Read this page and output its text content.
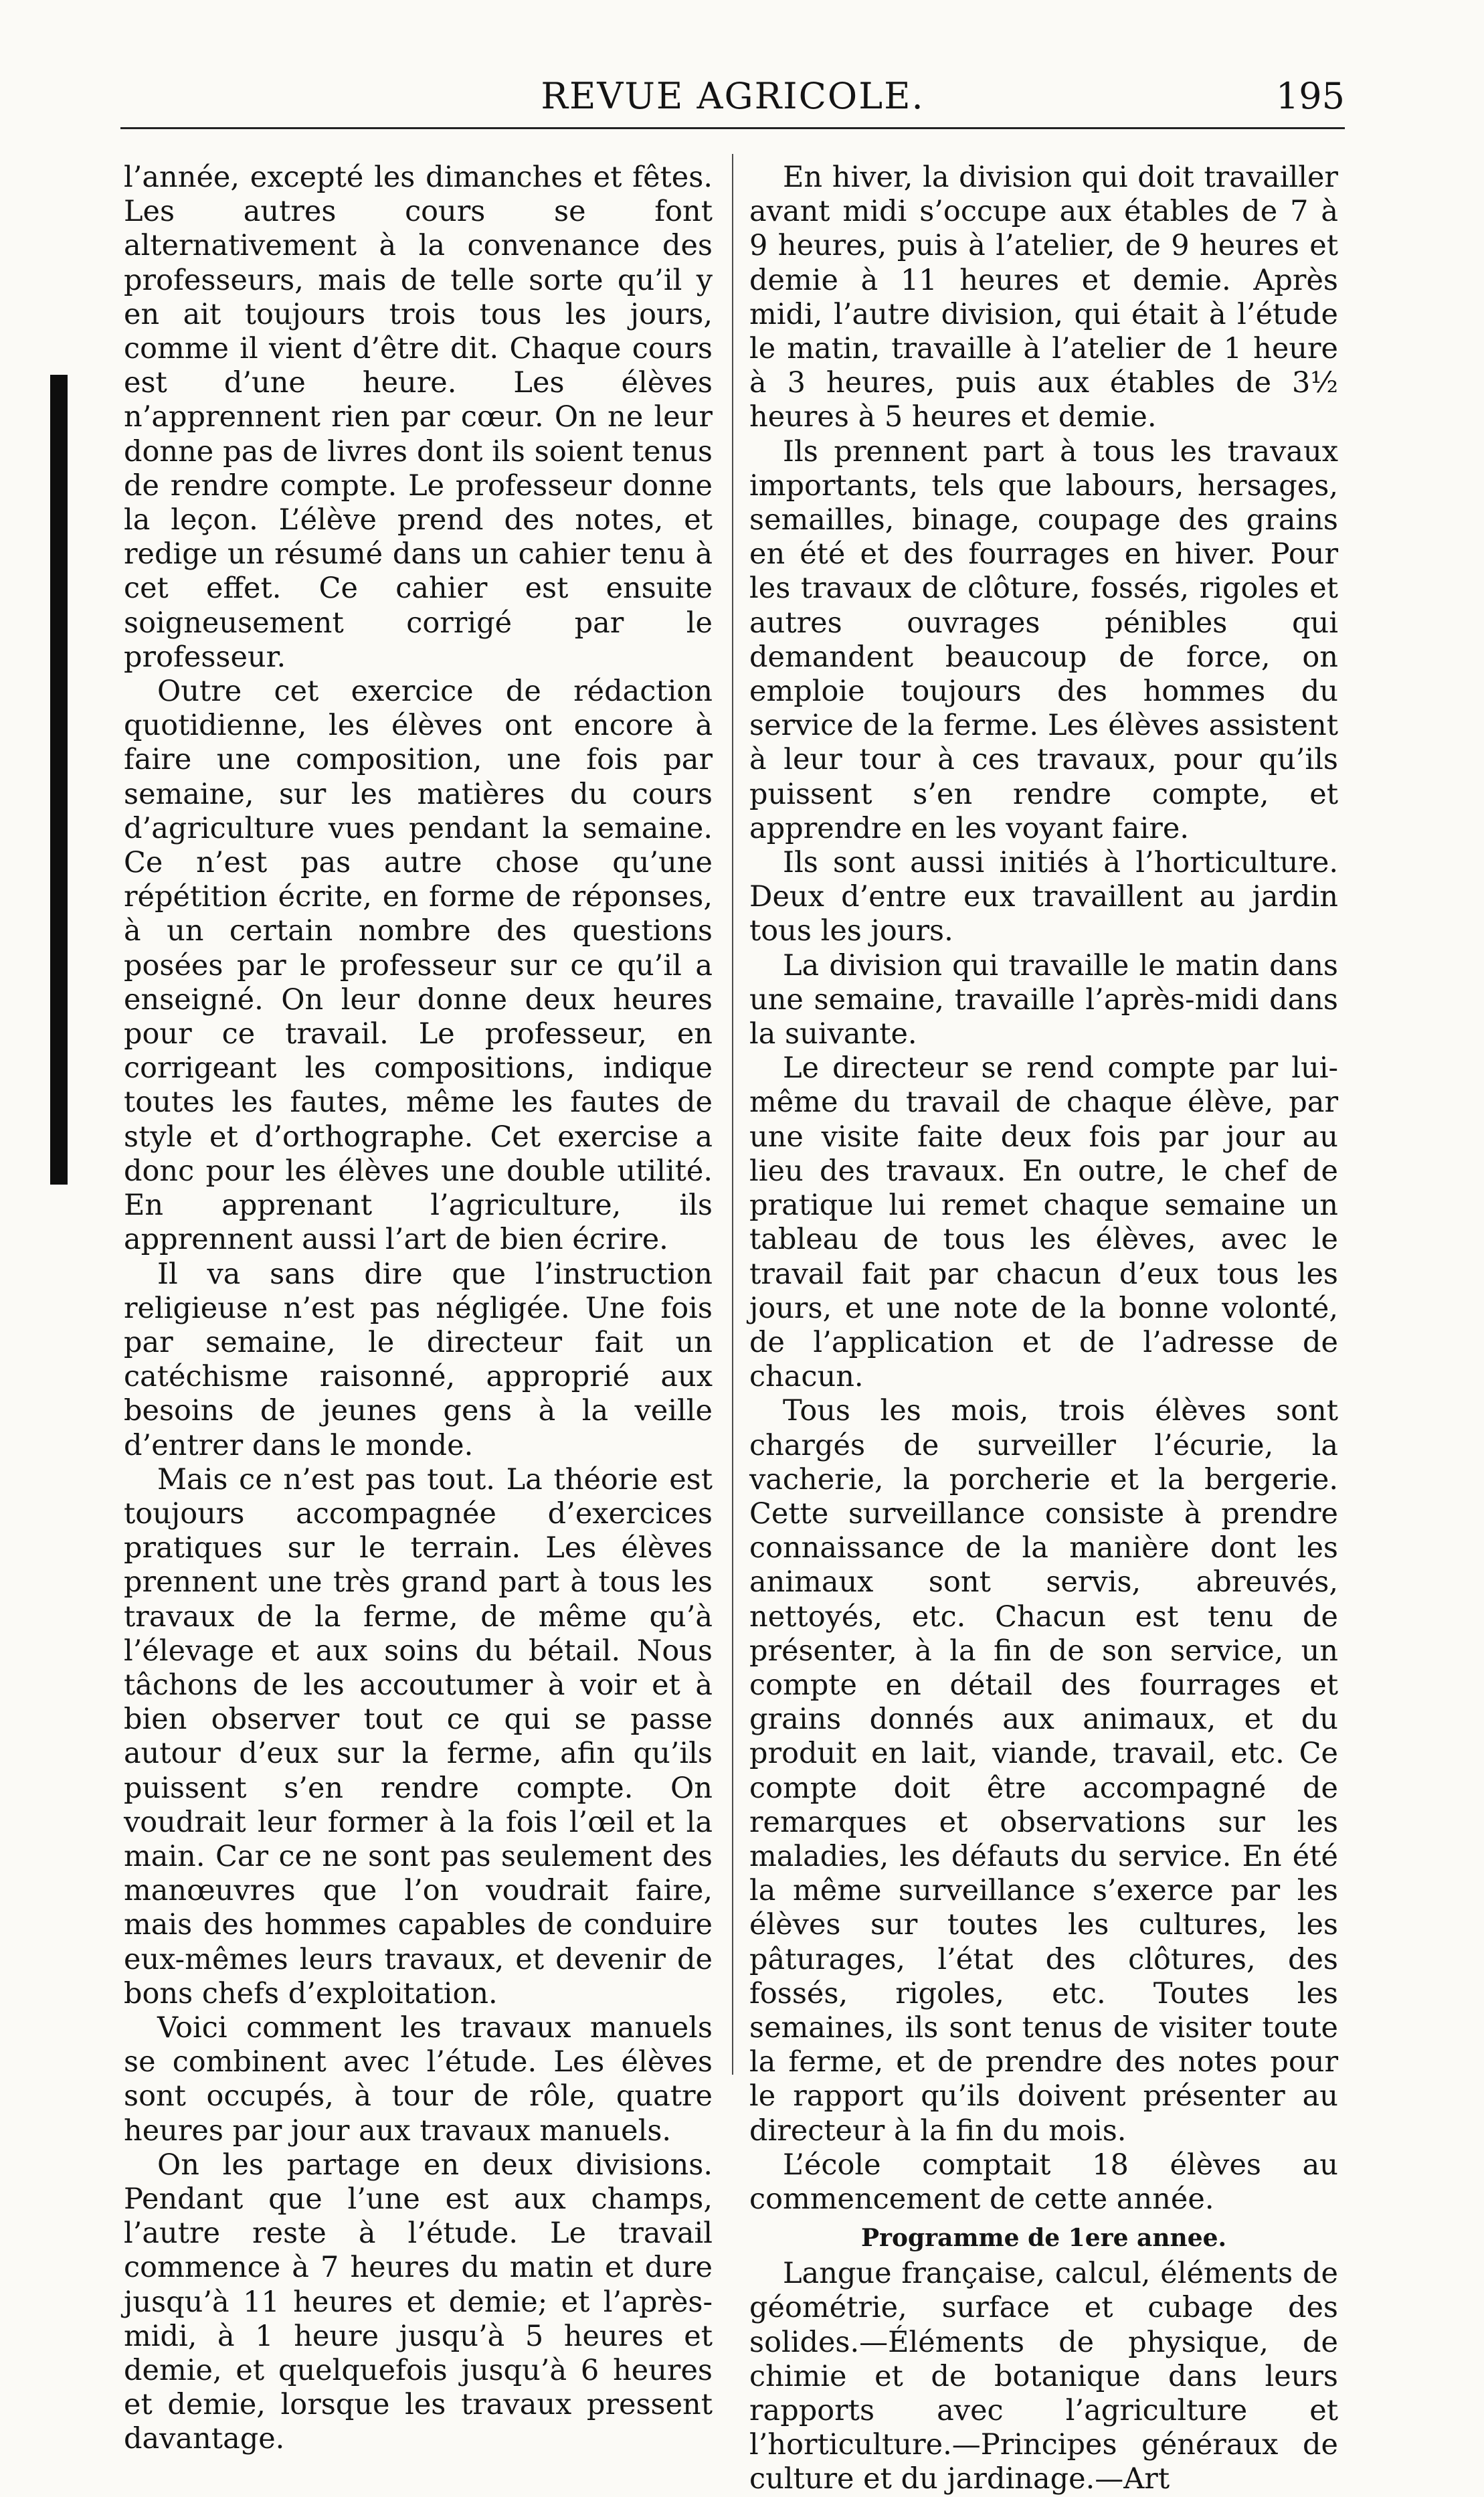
REVUE AGRICOLE.	195

l’année, excepté les dimanches et fêtes. Les autres cours se font alternativement à la convenance des professeurs, mais de telle sorte qu’il y en ait toujours trois tous les jours, comme il vient d’être dit. Chaque cours est d’une heure. Les élèves n’apprennent rien par cœur. On ne leur donne pas de livres dont ils soient tenus de rendre compte. Le professeur donne la leçon. L’élève prend des notes, et redige un résumé dans un cahier tenu à cet effet. Ce cahier est ensuite soigneusement corrigé par le professeur.

Outre cet exercice de rédaction quotidienne, les élèves ont encore à faire une composition, une fois par semaine, sur les matières du cours d’agriculture vues pendant la semaine. Ce n’est pas autre chose qu’une répétition écrite, en forme de réponses, à un certain nombre des questions posées par le professeur sur ce qu’il a enseigné. On leur donne deux heures pour ce travail. Le professeur, en corrigeant les compositions, indique toutes les fautes, même les fautes de style et d’orthographe. Cet exercise a donc pour les élèves une double utilité. En apprenant l’agriculture, ils apprennent aussi l’art de bien écrire.

Il va sans dire que l’instruction religieuse n’est pas négligée. Une fois par semaine, le directeur fait un catéchisme raisonné, approprié aux besoins de jeunes gens à la veille d’entrer dans le monde.

Mais ce n’est pas tout. La théorie est toujours accompagnée d’exercices pratiques sur le terrain. Les élèves prennent une très grand part à tous les travaux de la ferme, de même qu’à l’élevage et aux soins du bétail. Nous tâchons de les accoutumer à voir et à bien observer tout ce qui se passe autour d’eux sur la ferme, afin qu’ils puissent s’en rendre compte. On voudrait leur former à la fois l’œil et la main. Car ce ne sont pas seulement des manœuvres que l’on voudrait faire, mais des hommes capables de conduire eux-mêmes leurs travaux, et devenir de bons chefs d’exploitation.

Voici comment les travaux manuels se combinent avec l’étude. Les élèves sont occupés, à tour de rôle, quatre heures par jour aux travaux manuels.

On les partage en deux divisions. Pendant que l’une est aux champs, l’autre reste à l’étude. Le travail commence à 7 heures du matin et dure jusqu’à 11 heures et demie; et l’après-midi, à 1 heure jusqu’à 5 heures et demie, et quelquefois jusqu’à 6 heures et demie, lorsque les travaux pressent davantage.

En hiver, la division qui doit travailler avant midi s’occupe aux étables de 7 à 9 heures, puis à l’atelier, de 9 heures et demie à 11 heures et demie. Après midi, l’autre division, qui était à l’étude le matin, travaille à l’atelier de 1 heure à 3 heures, puis aux étables de 3½ heures à 5 heures et demie.

Ils prennent part à tous les travaux importants, tels que labours, hersages, semailles, binage, coupage des grains en été et des fourrages en hiver. Pour les travaux de clôture, fossés, rigoles et autres ouvrages pénibles qui demandent beaucoup de force, on emploie toujours des hommes du service de la ferme. Les élèves assistent à leur tour à ces travaux, pour qu’ils puissent s’en rendre compte, et apprendre en les voyant faire.

Ils sont aussi initiés à l’horticulture. Deux d’entre eux travaillent au jardin tous les jours.

La division qui travaille le matin dans une semaine, travaille l’après-midi dans la suivante.

Le directeur se rend compte par lui-même du travail de chaque élève, par une visite faite deux fois par jour au lieu des travaux. En outre, le chef de pratique lui remet chaque semaine un tableau de tous les élèves, avec le travail fait par chacun d’eux tous les jours, et une note de la bonne volonté, de l’application et de l’adresse de chacun.

Tous les mois, trois élèves sont chargés de surveiller l’écurie, la vacherie, la porcherie et la bergerie. Cette surveillance consiste à prendre connaissance de la manière dont les animaux sont servis, abreuvés, nettoyés, etc. Chacun est tenu de présenter, à la fin de son service, un compte en détail des fourrages et grains donnés aux animaux, et du produit en lait, viande, travail, etc. Ce compte doit être accompagné de remarques et observations sur les maladies, les défauts du service. En été la même surveillance s’exerce par les élèves sur toutes les cultures, les pâturages, l’état des clôtures, des fossés, rigoles, etc. Toutes les semaines, ils sont tenus de visiter toute la ferme, et de prendre des notes pour le rapport qu’ils doivent présenter au directeur à la fin du mois.

L’école comptait 18 élèves au commencement de cette année.

Programme de 1ere annee.

Langue française, calcul, éléments de géométrie, surface et cubage des solides.—Éléments de physique, de chimie et de botanique dans leurs rapports avec l’agriculture et l’horticulture.—Principes généraux de culture et du jardinage.—Art
